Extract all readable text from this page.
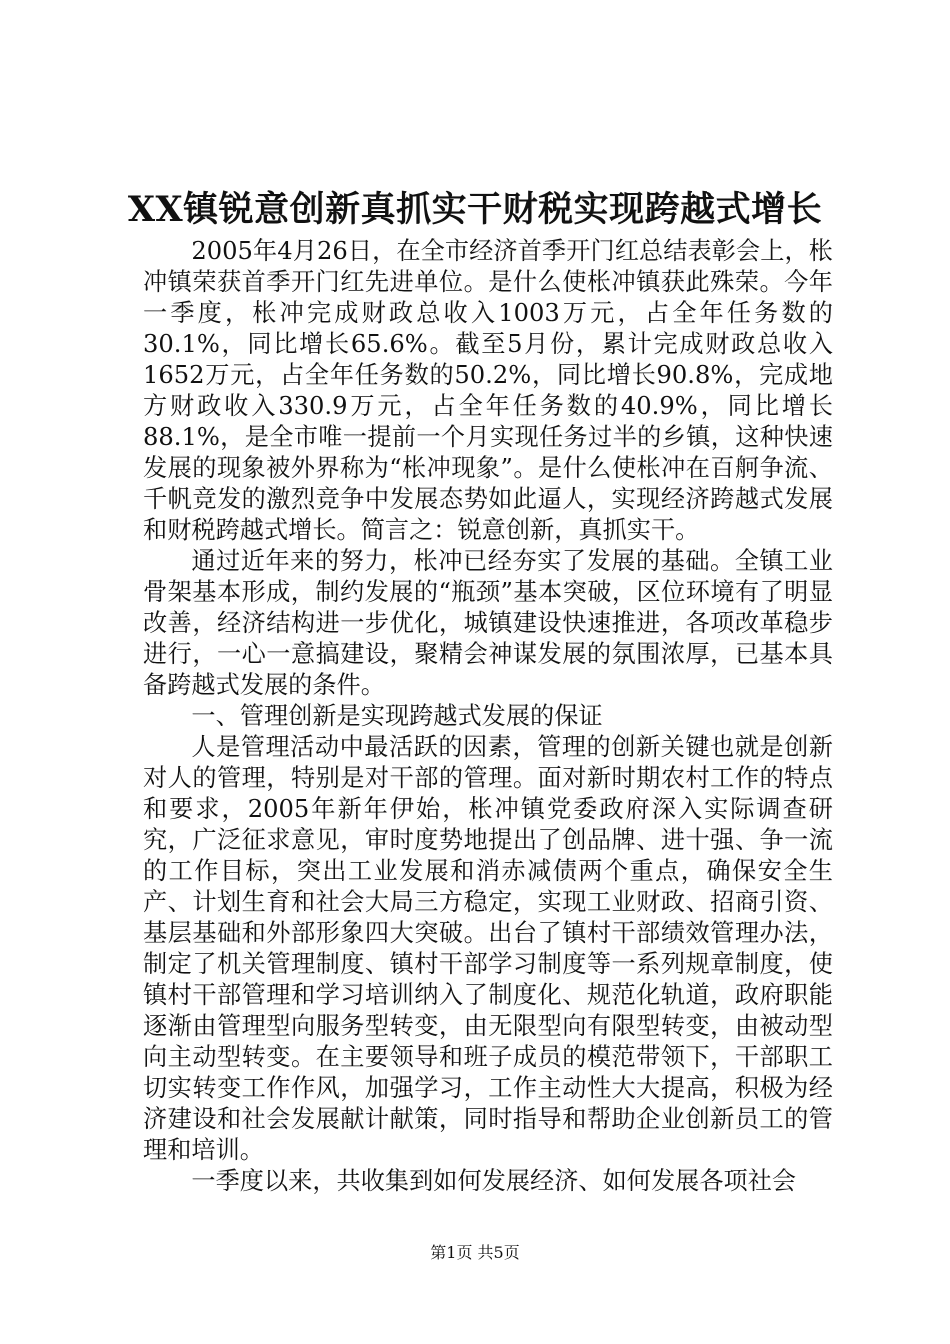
XX镇锐意创新真抓实干财税实现跨越式增长

2005年4月26日，在全市经济首季开门红总结表彰会上，枨冲镇荣获首季开门红先进单位。是什么使枨冲镇获此殊荣。今年一季度，枨冲完成财政总收入1003万元，占全年任务数的30.1%，同比增长65.6%。截至5月份，累计完成财政总收入1652万元，占全年任务数的50.2%，同比增长90.8%，完成地方财政收入330.9万元，占全年任务数的40.9%，同比增长88.1%，是全市唯一提前一个月实现任务过半的乡镇，这种快速发展的现象被外界称为“枨冲现象”。是什么使枨冲在百舸争流、千帆竞发的激烈竞争中发展态势如此逼人，实现经济跨越式发展和财税跨越式增长。简言之：锐意创新，真抓实干。

通过近年来的努力，枨冲已经夯实了发展的基础。全镇工业骨架基本形成，制约发展的“瓶颈”基本突破，区位环境有了明显改善，经济结构进一步优化，城镇建设快速推进，各项改革稳步进行，一心一意搞建设，聚精会神谋发展的氛围浓厚，已基本具备跨越式发展的条件。

一、管理创新是实现跨越式发展的保证

人是管理活动中最活跃的因素，管理的创新关键也就是创新对人的管理，特别是对干部的管理。面对新时期农村工作的特点和要求，2005年新年伊始，枨冲镇党委政府深入实际调查研究，广泛征求意见，审时度势地提出了创品牌、进十强、争一流的工作目标，突出工业发展和消赤减债两个重点，确保安全生产、计划生育和社会大局三方稳定，实现工业财政、招商引资、基层基础和外部形象四大突破。出台了镇村干部绩效管理办法，制定了机关管理制度、镇村干部学习制度等一系列规章制度，使镇村干部管理和学习培训纳入了制度化、规范化轨道，政府职能逐渐由管理型向服务型转变，由无限型向有限型转变，由被动型向主动型转变。在主要领导和班子成员的模范带领下，干部职工切实转变工作作风，加强学习，工作主动性大大提高，积极为经济建设和社会发展献计献策，同时指导和帮助企业创新员工的管理和培训。

一季度以来，共收集到如何发展经济、如何发展各项社会

第1页 共5页
